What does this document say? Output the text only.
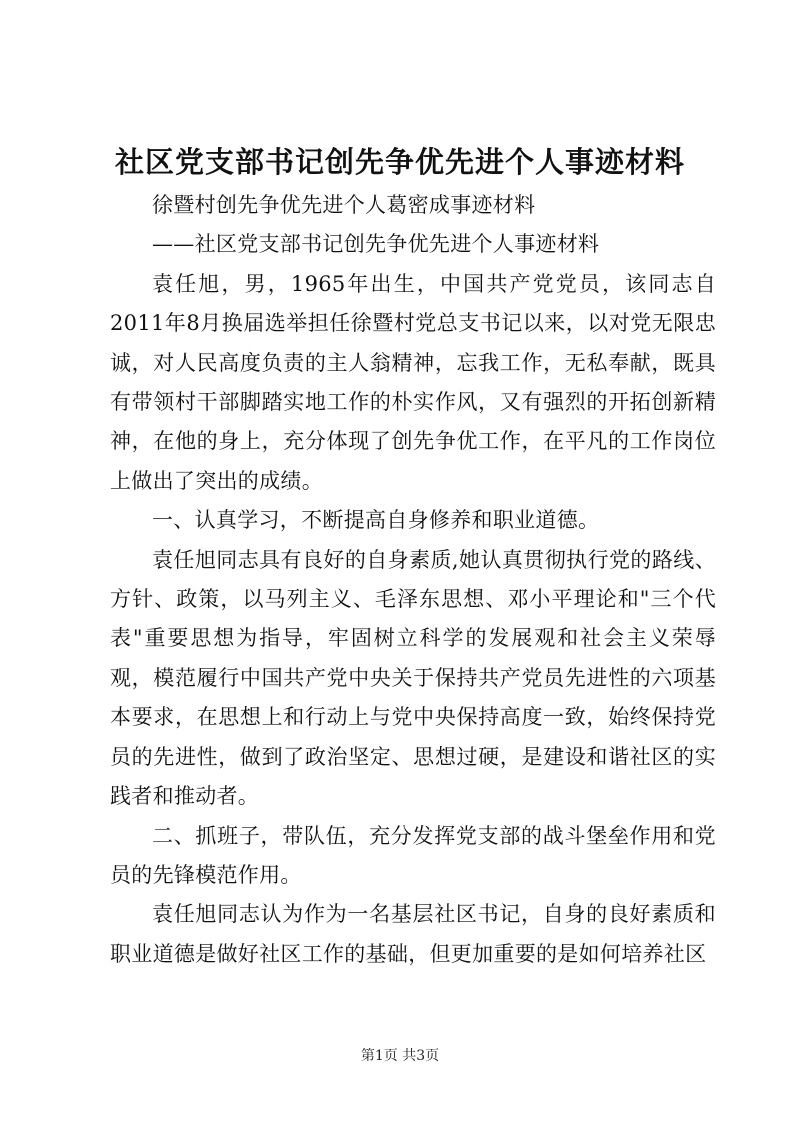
社区党支部书记创先争优先进个人事迹材料

徐暨村创先争优先进个人葛密成事迹材料

——社区党支部书记创先争优先进个人事迹材料

袁任旭，男，1965年出生，中国共产党党员，该同志自2011年8月换届选举担任徐暨村党总支书记以来，以对党无限忠诚，对人民高度负责的主人翁精神，忘我工作，无私奉献，既具有带领村干部脚踏实地工作的朴实作风，又有强烈的开拓创新精神，在他的身上，充分体现了创先争优工作，在平凡的工作岗位上做出了突出的成绩。

一、认真学习，不断提高自身修养和职业道德。

袁任旭同志具有良好的自身素质,她认真贯彻执行党的路线、方针、政策，以马列主义、毛泽东思想、邓小平理论和"三个代表"重要思想为指导，牢固树立科学的发展观和社会主义荣辱观，模范履行中国共产党中央关于保持共产党员先进性的六项基本要求，在思想上和行动上与党中央保持高度一致，始终保持党员的先进性，做到了政治坚定、思想过硬，是建设和谐社区的实践者和推动者。

二、抓班子，带队伍，充分发挥党支部的战斗堡垒作用和党员的先锋模范作用。

袁任旭同志认为作为一名基层社区书记，自身的良好素质和职业道德是做好社区工作的基础，但更加重要的是如何培养社区

第1页 共3页
